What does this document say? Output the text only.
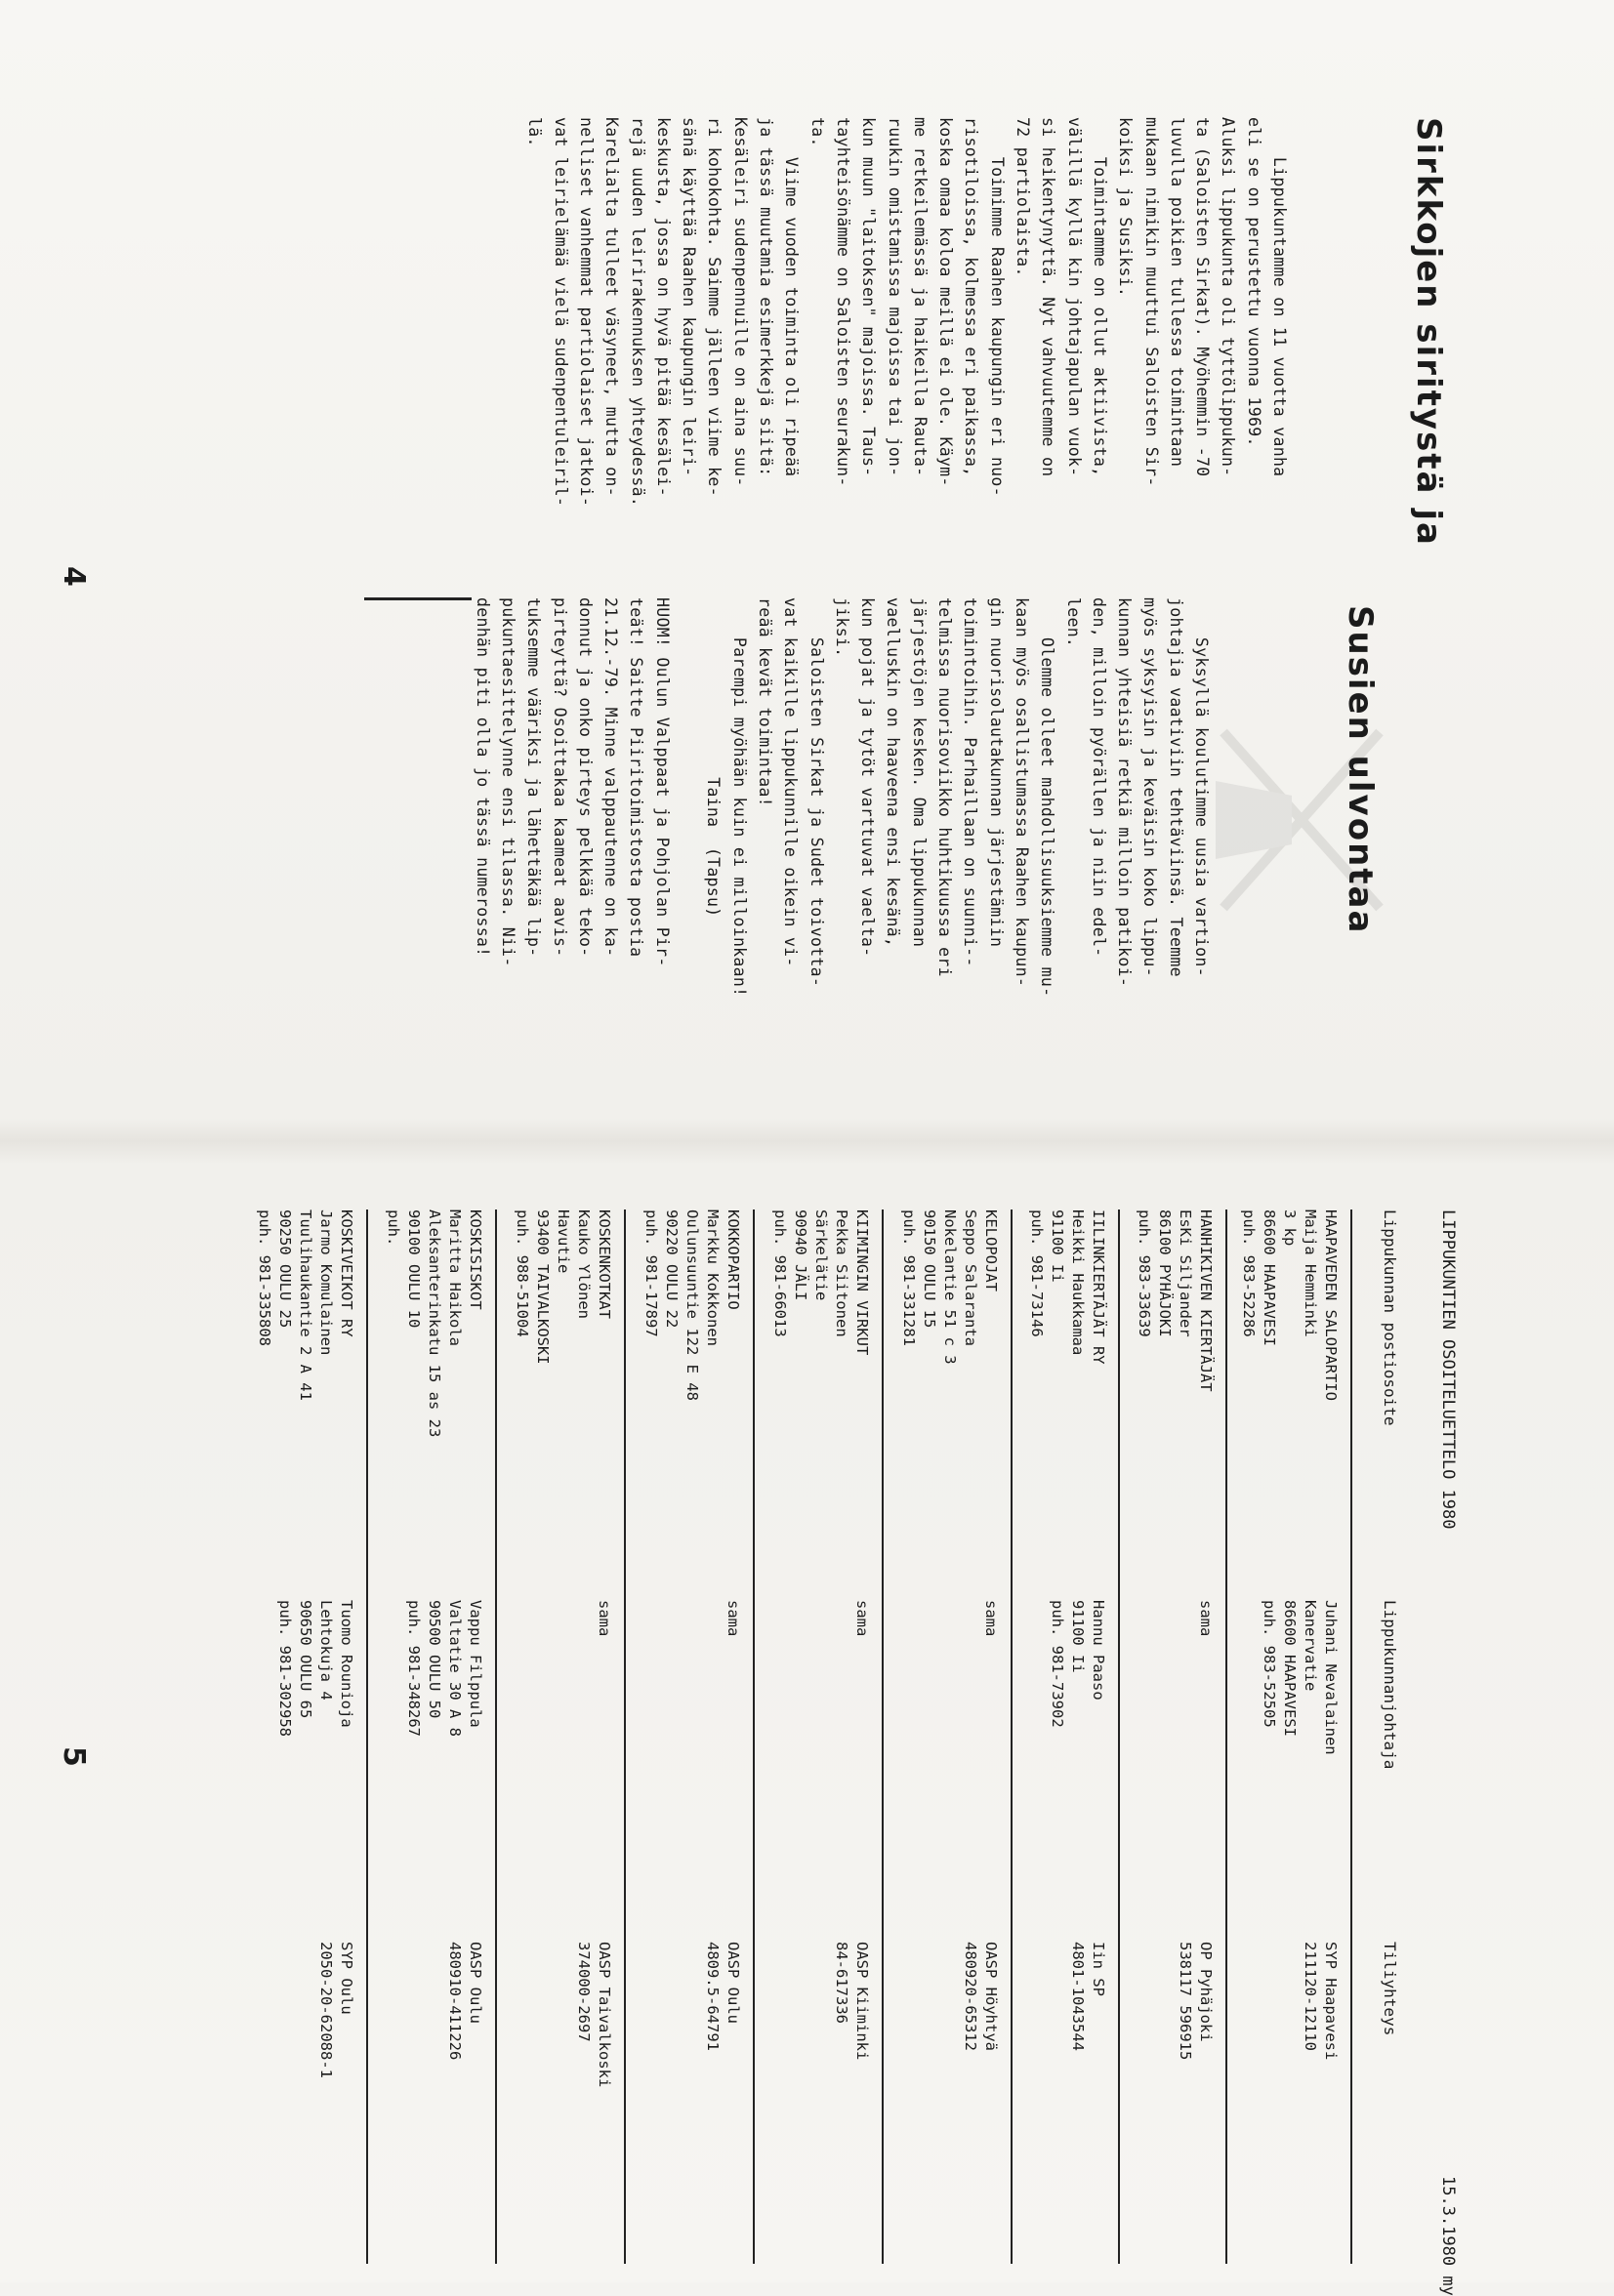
Sirkkojen siritystä ja
Susien ulvontaa
Lippukuntamme on 11 vuotta vanha
eli se on perustettu vuonna 1969.
Aluksi lippukunta oli tyttölippukun-
ta (Saloisten Sirkat). Myöhemmin -70
luvulla poikien tullessa toimintaan
mukaan nimikin muuttui Saloisten Sir-
koiksi ja Susiksi.
Toimintamme on ollut aktiivista,
välillä kyllä kin johtajapulan vuok-
si heikentynyttä. Nyt vahvuutemme on
72 partiolaista.
Toimimme Raahen kaupungin eri nuo-
risotiloissa, kolmessa eri paikassa,
koska omaa koloa meillä ei ole. Käym-
me retkeilemässä ja haikeilla Rauta-
ruukin omistamissa majoissa tai jon-
kun muun "laitoksen" majoissa. Taus-
tayhteisönämme on Saloisten seurakun-
ta.
Viime vuoden toiminta oli ripeää
ja tässä muutamia esimerkkejä siitä:
Kesäleiri sudenpennuille on aina suu-
ri kohokohta. Saimme jälleen viime ke-
sänä käyttää Raahen kaupungin leiri-
keskusta, jossa on hyvä pitää kesälei-
rejä uuden leirirakennuksen yhteydessä.
Karelialta tulleet väsyneet, mutta on-
nelliset vanhemmat partiolaiset jatkoi-
vat leirielämää vielä sudenpentuleiril-
lä.
Syksyllä koulutimme uusia vartion-
johtajia vaativiin tehtäviinsä. Teemme
myös syksyisin ja keväisin koko lippu-
kunnan yhteisiä retkiä milloin patikoi-
den, milloin pyörällen ja niin edel-
leen.
Olemme olleet mahdollisuuksiemme mu-
kaan myös osallistumassa Raahen kaupun-
gin nuorisolautakunnan järjestämiin
toimintoihin. Parhaillaan on suunni--
telmissa nuorisoviikko huhtikuussa eri
järjestöjen kesken. Oma lippukunnan
vaelluskin on haaveena ensi kesänä,
kun pojat ja tytöt varttuvat vaelta-
jiksi.
Saloisten Sirkat ja Sudet toivotta-
vat kaikille lippukunnille oikein vi-
reää kevät toimintaa!
Parempi myöhään kuin ei milloinkaan!
Taina  (Tapsu)

HUOM! Oulun Valppaat ja Pohjolan Pir-
teät! Saitte Piiritoimistosta postia
21.12.-79. Minne valppautenne on ka-
donnut ja onko pirteys pelkkää teko-
pirteyttä? Osoittakaa kaameat aavis-
tuksemme vääriksi ja lähettäkää lip-
pukuntaesittelynne ensi tilassa. Nii-
denhän piti olla jo tässä numerossa!
4
LIPPUKUNTIEN OSOITELUETTELO 1980
15.3.1980 my
Lippukunnan postiosoite
Lippukunnanjohtaja
Tiliyhteys
HAAPAVEDEN SALOPARTIO
Maija Hemminki
3 kp
86600 HAAPAVESI
puh. 983-52286
Juhani Nevalainen
Kanervatie
86600 HAAPAVESI
puh. 983-52505
SYP Haapavesi
211120-12110
HANHIKIVEN KIERTÄJÄT
EsKi Siljander
86100 PYHÄJOKI
puh. 983-33639
sama
OP Pyhäjoki
538117 596915
IILINKIERTÄJÄT RY
Heikki Haukkamaa
91100 Ii
puh. 981-73146
Hannu Paaso
91100 Ii
puh. 981-73902
Iin SP
4801-1043544
KELOPOJAT
Seppo Salaranta
Nokelantie 51 c 3
90150 OULU 15
puh. 981-331281
sama
OASP Höyhtyä
480920-65312
KIIMINGIN VIRKUT
Pekka Siitonen
Särkelätie
90940 JÄLI
puh. 981-66013
sama
OASP Kiiminki
84-617336
KOKKOPARTIO
Markku Kokkonen
Oulunsuuntie 122 E 48
90220 OULU 22
puh. 981-17897
sama
OASP Oulu
4809.5-64791
KOSKENKOTKAT
Kauko Ylönen
Havutie
93400 TAIVALKOSKI
puh. 988-51004
sama
OASP Taivalkoski
374000-2697
KOSKISISKOT
Maritta Haikola
Aleksanterinkatu 15 as 23
90100 OULU 10
puh.
Vappu Filppula
Valtatie 30 A 8
90500 OULU 50
puh. 981-348267
OASP Oulu
480910-411226
KOSKIVEIKOT RY
Jarmo Komulainen
Tuulihaukantie 2 A 41
90250 OULU 25
puh. 981-335808
Tuomo Rounioja
Lehtokuja 4
90650 OULU 65
puh. 981-302958
SYP Oulu
2050-20-62088-1
5
